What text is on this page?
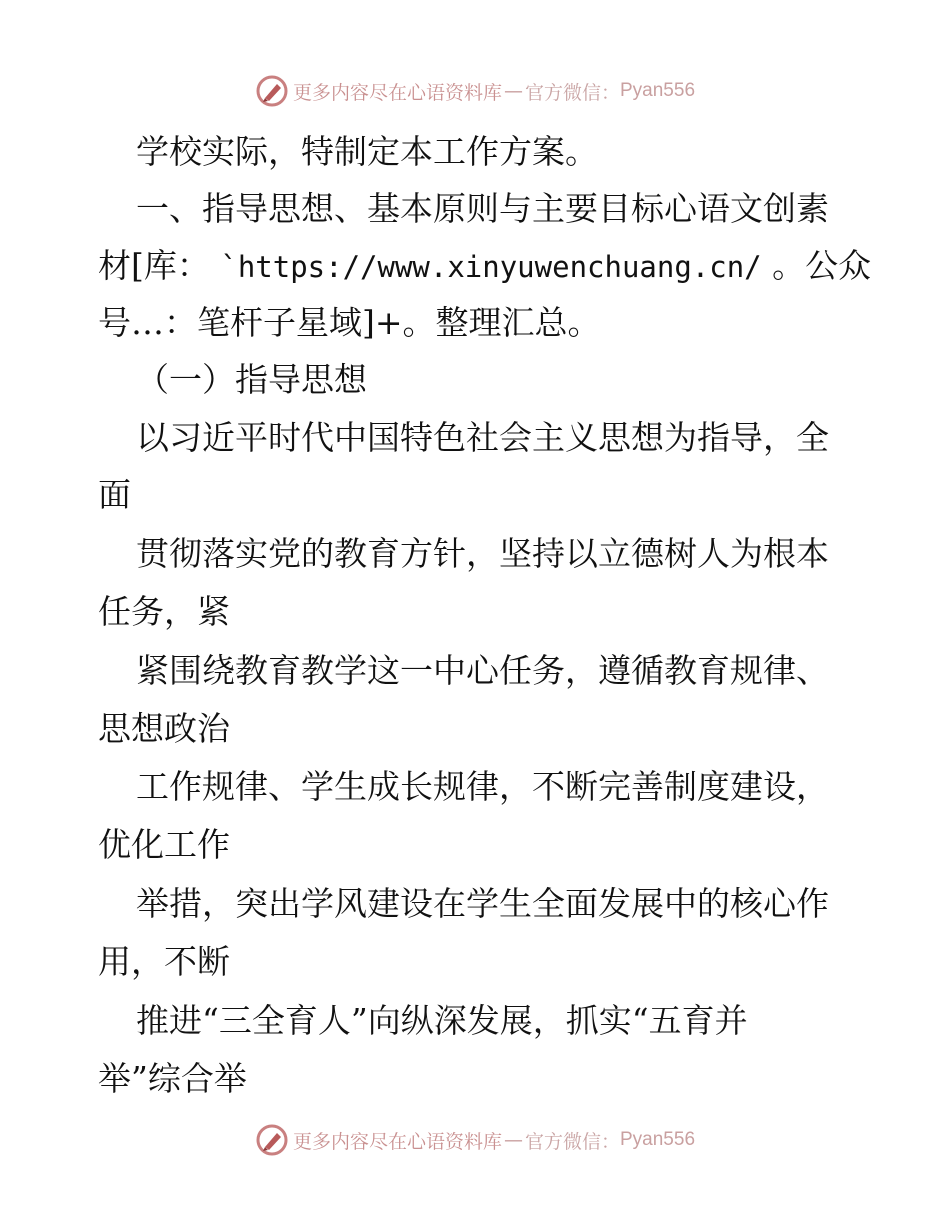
更多内容尽在心语资料库 — 官方微信： Pyan556
学校实际，特制定本工作方案。
一、指导思想、基本原则与主要目标心语文创素
材[库： `https://www.xinyuwenchuang.cn/ 。公众
号…：笔杆子星域]+。整理汇总。
（一）指导思想
以习近平时代中国特色社会主义思想为指导，全
面
贯彻落实党的教育方针，坚持以立德树人为根本
任务，紧
紧围绕教育教学这一中心任务，遵循教育规律、
思想政治
工作规律、学生成长规律，不断完善制度建设，
优化工作
举措，突出学风建设在学生全面发展中的核心作
用，不断
推进“三全育人”向纵深发展，抓实“五育并
举”综合举
更多内容尽在心语资料库 — 官方微信： Pyan556
